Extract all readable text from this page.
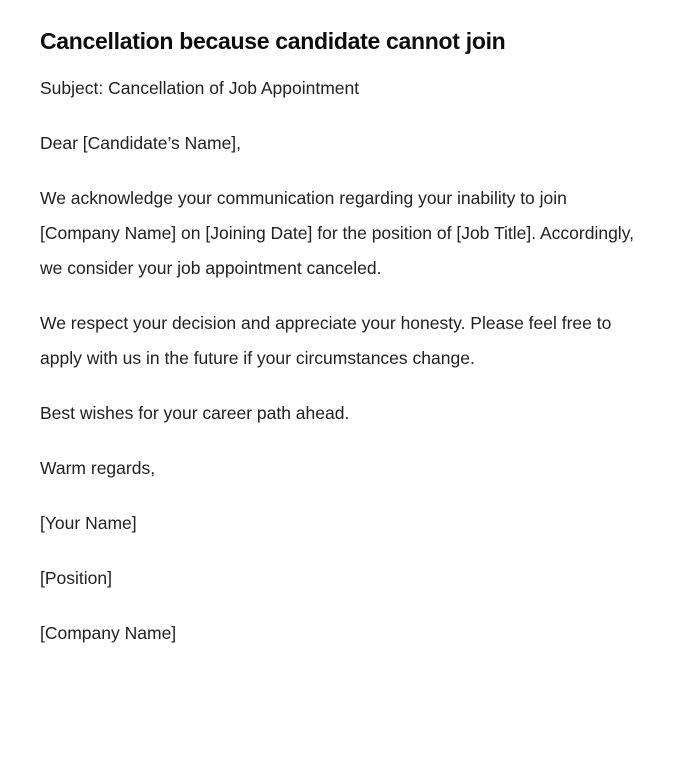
Cancellation because candidate cannot join

Subject: Cancellation of Job Appointment

Dear [Candidate’s Name],

We acknowledge your communication regarding your inability to join [Company Name] on [Joining Date] for the position of [Job Title]. Accordingly, we consider your job appointment canceled.

We respect your decision and appreciate your honesty. Please feel free to apply with us in the future if your circumstances change.

Best wishes for your career path ahead.

Warm regards,

[Your Name]

[Position]

[Company Name]
